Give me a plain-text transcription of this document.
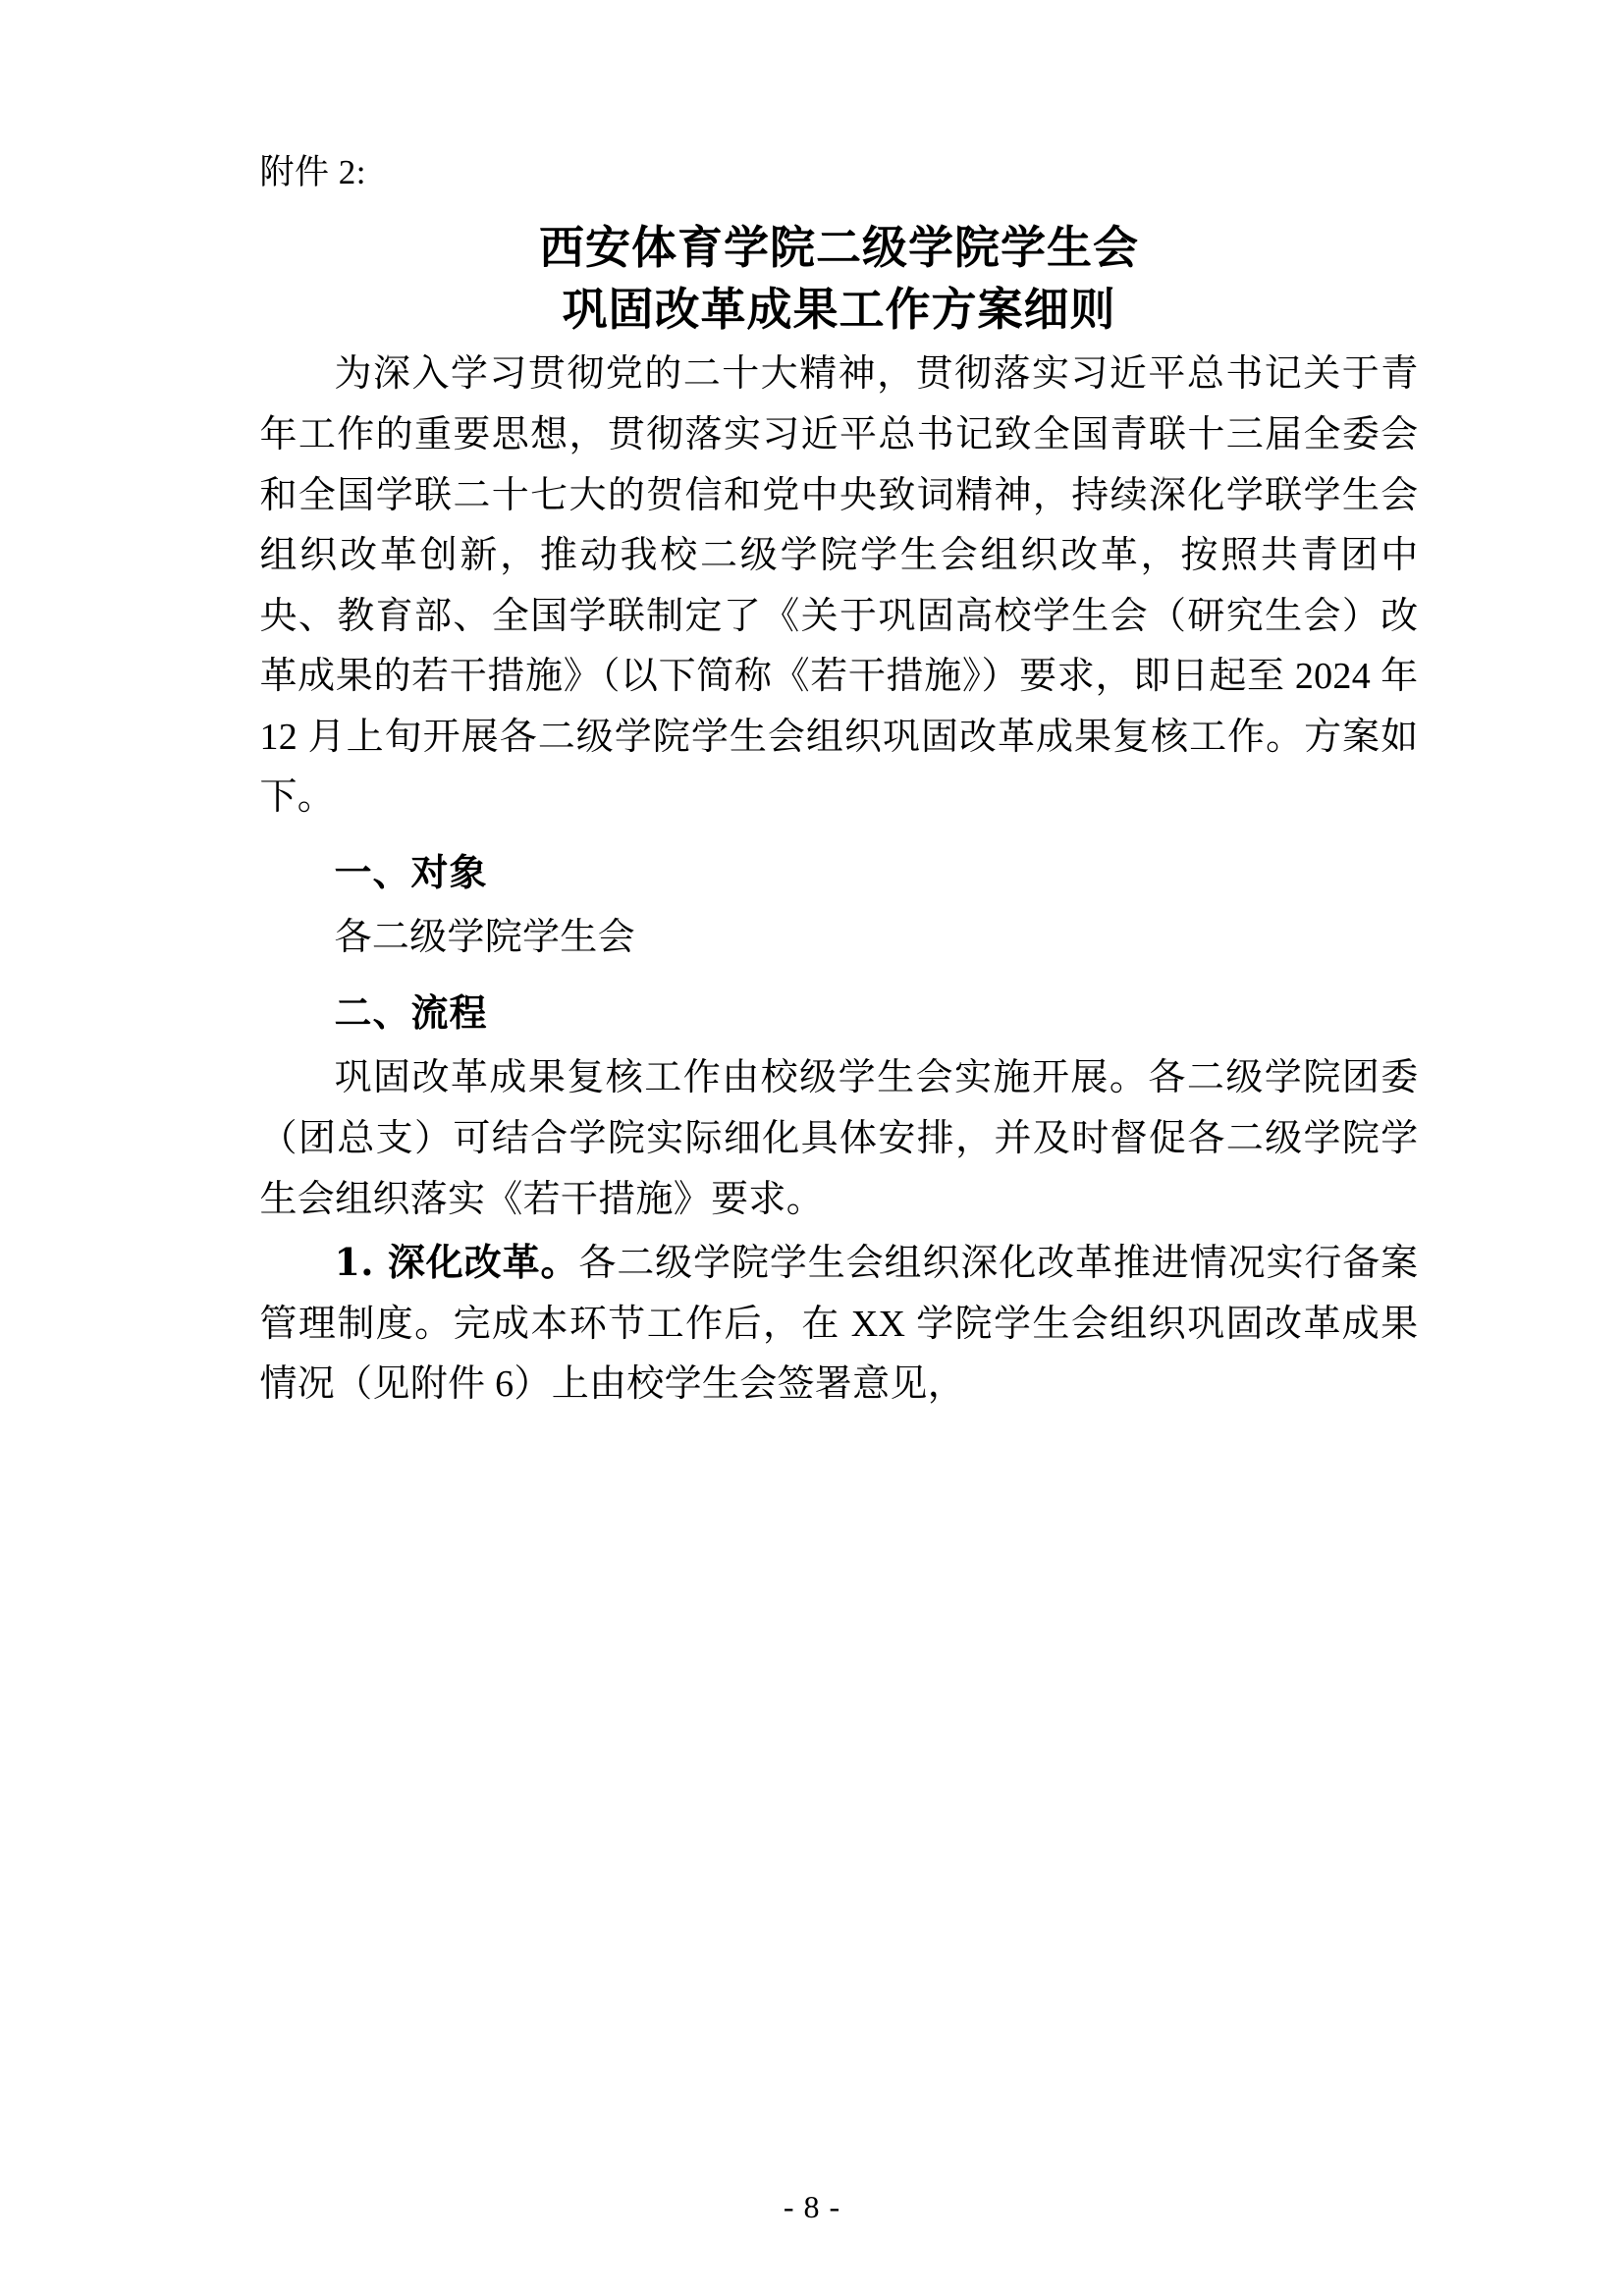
附件 2:
西安体育学院二级学院学生会
巩固改革成果工作方案细则

为深入学习贯彻党的二十大精神，贯彻落实习近平总书记关于青年工作的重要思想，贯彻落实习近平总书记致全国青联十三届全委会和全国学联二十七大的贺信和党中央致词精神，持续深化学联学生会组织改革创新，推动我校二级学院学生会组织改革，按照共青团中央、教育部、全国学联制定了《关于巩固高校学生会（研究生会）改革成果的若干措施》（以下简称《若干措施》）要求，即日起至 2024 年 12 月上旬开展各二级学院学生会组织巩固改革成果复核工作。方案如下。

一、对象

各二级学院学生会

二、流程

巩固改革成果复核工作由校级学生会实施开展。各二级学院团委（团总支）可结合学院实际细化具体安排，并及时督促各二级学院学生会组织落实《若干措施》要求。

1. 深化改革。各二级学院学生会组织深化改革推进情况实行备案管理制度。完成本环节工作后，在 XX 学院学生会组织巩固改革成果情况（见附件 6）上由校学生会签署意见，

- 8 -
